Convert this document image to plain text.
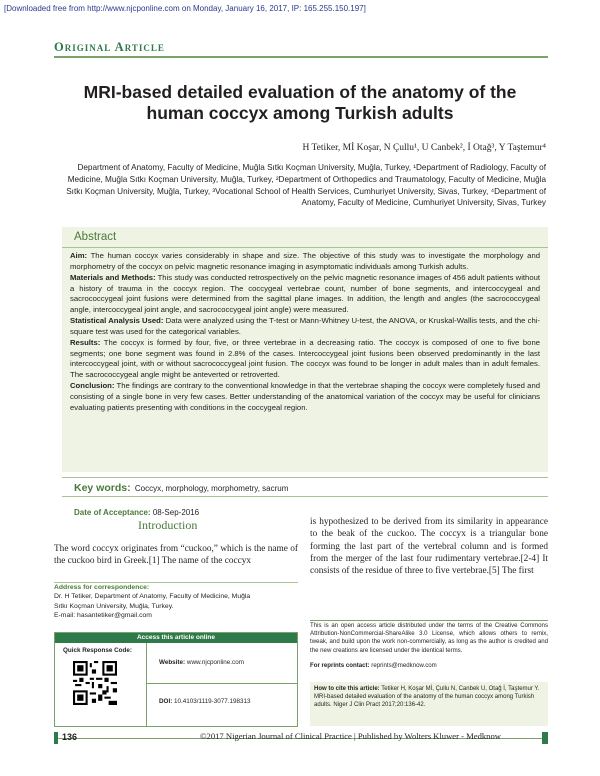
[Downloaded free from http://www.njcponline.com on Monday, January 16, 2017, IP: 165.255.150.197]
Original Article
MRI-based detailed evaluation of the anatomy of the human coccyx among Turkish adults
H Tetiker, Mİ Koşar, N Çullu¹, U Canbek², İ Otağ³, Y Taştemur⁴
Department of Anatomy, Faculty of Medicine, Muğla Sıtkı Koçman University, Muğla, Turkey, ¹Department of Radiology, Faculty of Medicine, Muğla Sıtkı Koçman University, Muğla, Turkey, ²Department of Orthopedics and Traumatology, Faculty of Medicine, Muğla Sıtkı Koçman University, Muğla, Turkey, ³Vocational School of Health Services, Cumhuriyet University, Sivas, Turkey, ⁴Department of Anatomy, Faculty of Medicine, Cumhuriyet University, Sivas, Turkey
Abstract

Aim: The human coccyx varies considerably in shape and size. The objective of this study was to investigate the morphology and morphometry of the coccyx on pelvic magnetic resonance imaging in asymptomatic individuals among Turkish adults.

Materials and Methods: This study was conducted retrospectively on the pelvic magnetic resonance images of 456 adult patients without a history of trauma in the coccyx region. The coccygeal vertebrae count, number of bone segments, and intercoccygeal and sacrococcygeal joint fusions were determined from the sagittal plane images. In addition, the length and angles (the sacrococcygeal angle, intercoccygeal joint angle, and sacrococcygeal joint angle) were measured.

Statistical Analysis Used: Data were analyzed using the T-test or Mann-Whitney U-test, the ANOVA, or Kruskal-Wallis tests, and the chi-square test was used for the categorical variables.

Results: The coccyx is formed by four, five, or three vertebrae in a decreasing ratio. The coccyx is composed of one to five bone segments; one bone segment was found in 2.8% of the cases. Intercoccygeal joint fusions been observed predominantly in the last intercoccygeal joint, with or without sacrococcygeal joint fusion. The coccyx was found to be longer in adult males than in adult females. The sacrococcygeal angle might be anteverted or retroverted.

Conclusion: The findings are contrary to the conventional knowledge in that the vertebrae shaping the coccyx were completely fused and consisting of a single bone in very few cases. Better understanding of the anatomical variation of the coccyx may be useful for clinicians evaluating patients presenting with conditions in the coccygeal region.

Key words: Coccyx, morphology, morphometry, sacrum
Date of Acceptance: 08-Sep-2016
Introduction
The word coccyx originates from “cuckoo,” which is the name of the cuckoo bird in Greek.[1] The name of the coccyx
is hypothesized to be derived from its similarity in appearance to the beak of the cuckoo. The coccyx is a triangular bone forming the last part of the vertebral column and is formed from the merger of the last four rudimentary vertebrae.[2-4] It consists of the residue of three to five vertebrae.[5] The first
Address for correspondence:
Dr. H Tetiker, Department of Anatomy, Faculty of Medicine, Muğla
Sıtkı Koçman University, Muğla, Turkey.
E-mail: hasantetiker@gmail.com
Access this article online
Quick Response Code:
Website: www.njcponline.com
DOI: 10.4103/1119-3077.198313
This is an open access article distributed under the terms of the Creative Commons Attribution-NonCommercial-ShareAlike 3.0 License, which allows others to remix, tweak, and build upon the work non-commercially, as long as the author is credited and the new creations are licensed under the identical terms.
For reprints contact: reprints@medknow.com
How to cite this article: Tetiker H, Koşar Mİ, Çullu N, Canbek U, Otağ İ, Taştemur Y. MRI-based detailed evaluation of the anatomy of the human coccyx among Turkish adults. Niger J Clin Pract 2017;20:136-42.
136	©2017 Nigerian Journal of Clinical Practice | Published by Wolters Kluwer - Medknow
